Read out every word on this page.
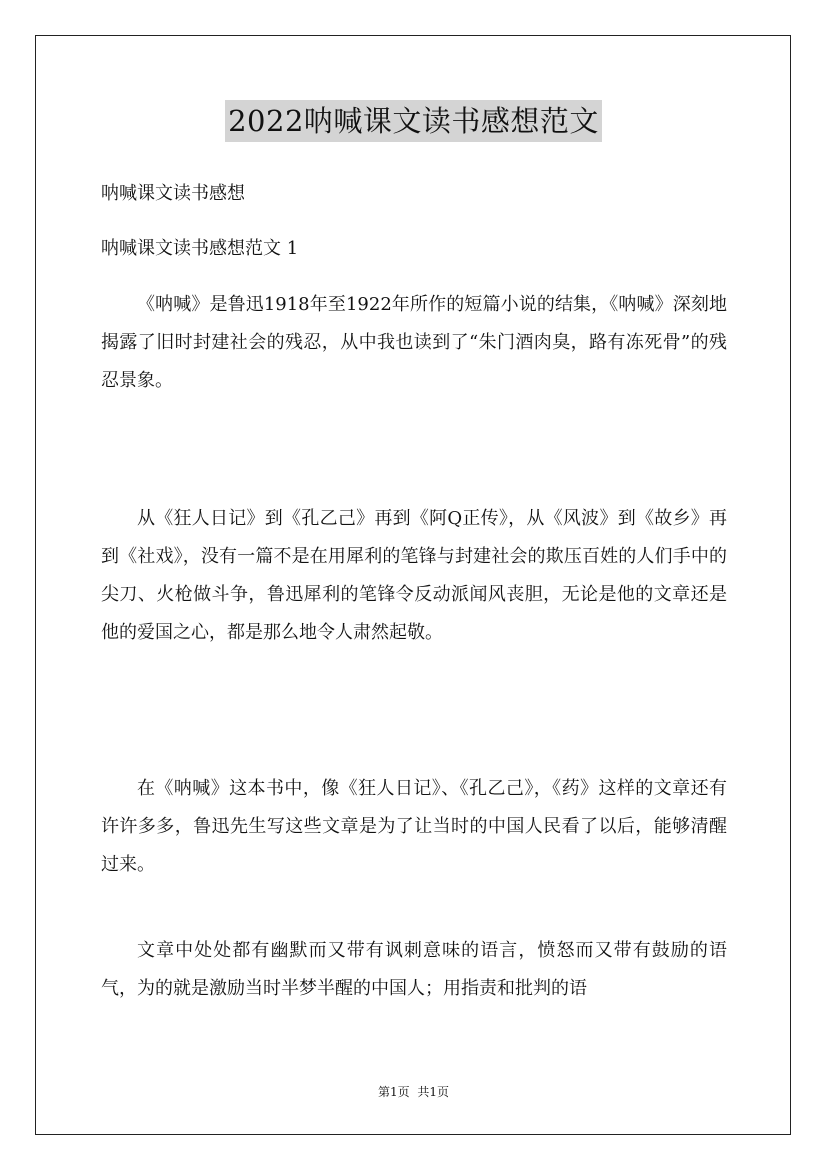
2022呐喊课文读书感想范文
呐喊课文读书感想
呐喊课文读书感想范文 1
《呐喊》是鲁迅1918年至1922年所作的短篇小说的结集，《呐喊》深刻地揭露了旧时封建社会的残忍，从中我也读到了“朱门酒肉臭，路有冻死骨”的残忍景象。
从《狂人日记》到《孔乙己》再到《阿Q正传》，从《风波》到《故乡》再到《社戏》，没有一篇不是在用犀利的笔锋与封建社会的欺压百姓的人们手中的尖刀、火枪做斗争，鲁迅犀利的笔锋令反动派闻风丧胆，无论是他的文章还是他的爱国之心，都是那么地令人肃然起敬。
在《呐喊》这本书中，像《狂人日记》、《孔乙己》，《药》这样的文章还有许许多多，鲁迅先生写这些文章是为了让当时的中国人民看了以后，能够清醒过来。
文章中处处都有幽默而又带有讽刺意味的语言，愤怒而又带有鼓励的语气，为的就是激励当时半梦半醒的中国人；用指责和批判的语
第1页 共1页
